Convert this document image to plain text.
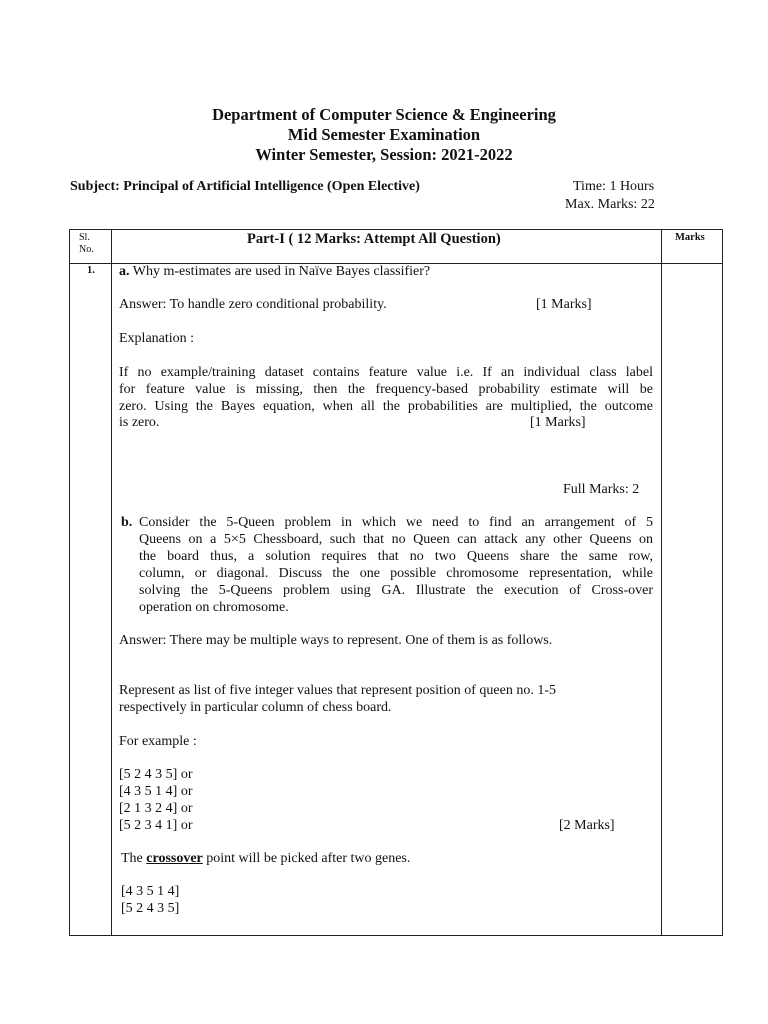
Department of Computer Science & Engineering
Mid Semester Examination
Winter Semester, Session: 2021-2022
Subject: Principal of Artificial Intelligence (Open Elective)	Time: 1 Hours
Max. Marks: 22
Sl.
No.
Part-I ( 12 Marks: Attempt All Question)	Marks
1. a. Why m-estimates are used in Naïve Bayes classifier?
Answer: To handle zero conditional probability.	[1 Marks]
Explanation :
If no example/training dataset contains feature value i.e. If an individual class label
for feature value is missing, then the frequency-based probability estimate will be
zero. Using the Bayes equation, when all the probabilities are multiplied, the outcome
is zero.	[1 Marks]
Full Marks: 2
b. Consider the 5-Queen problem in which we need to find an arrangement of 5
Queens on a 5×5 Chessboard, such that no Queen can attack any other Queens on
the board thus, a solution requires that no two Queens share the same row,
column, or diagonal. Discuss the one possible chromosome representation, while
solving the 5-Queens problem using GA. Illustrate the execution of Cross-over
operation on chromosome.
Answer: There may be multiple ways to represent. One of them is as follows.
Represent as list of five integer values that represent position of queen no. 1-5
respectively in particular column of chess board.
For example :
[5 2 4 3 5] or
[4 3 5 1 4] or
[2 1 3 2 4] or
[5 2 3 4 1] or	[2 Marks]
The crossover point will be picked after two genes.
[4 3 5 1 4]
[5 2 4 3 5]
